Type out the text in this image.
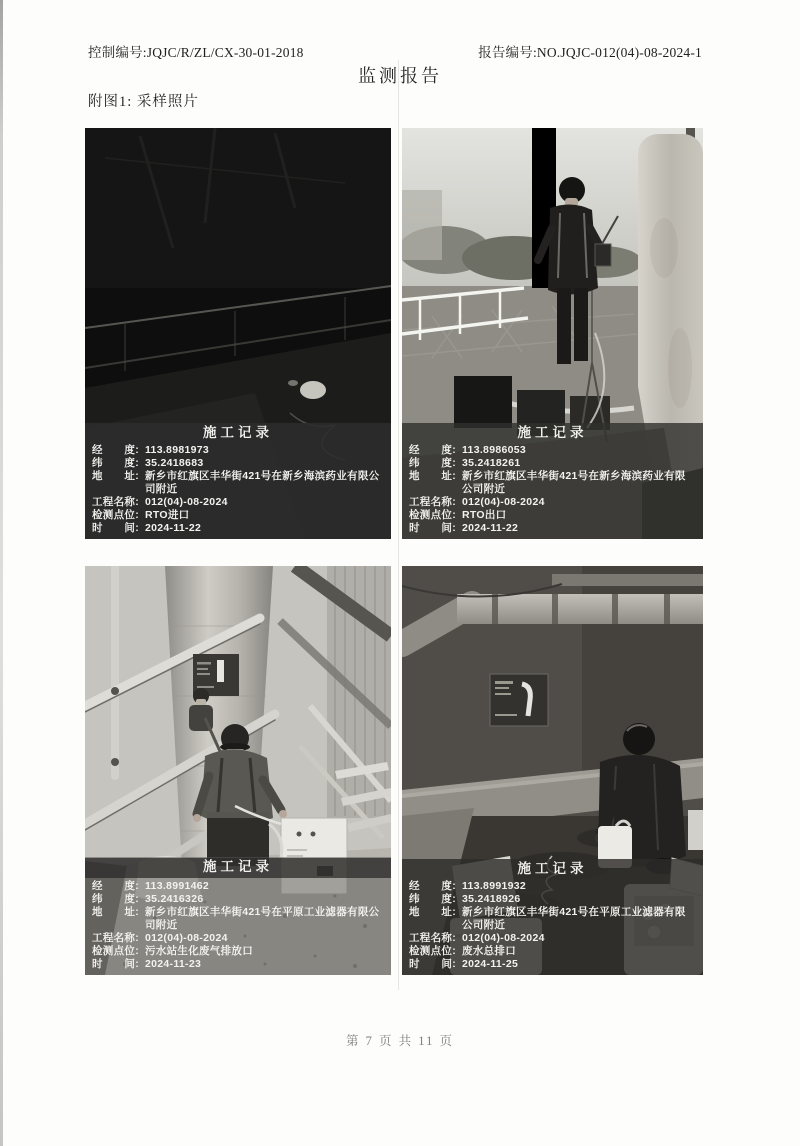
控制编号:JQJC/R/ZL/CX-30-01-2018	报告编号:NO.JQJC-012(04)-08-2024-1
监测报告
附图1: 采样照片
施工记录
经　　度: 113.8981973
纬　　度: 35.2418683
地　　址: 新乡市红旗区丰华街421号在新乡海滨药业有限公司附近
工程名称: 012(04)-08-2024
检测点位: RTO进口
时　　间: 2024-11-22
施工记录
经　　度: 113.8986053
纬　　度: 35.2418261
地　　址: 新乡市红旗区丰华街421号在新乡海滨药业有限公司附近
工程名称: 012(04)-08-2024
检测点位: RTO出口
时　　间: 2024-11-22
施工记录
经　　度: 113.8991462
纬　　度: 35.2416326
地　　址: 新乡市红旗区丰华街421号在平原工业滤器有限公司附近
工程名称: 012(04)-08-2024
检测点位: 污水站生化废气排放口
时　　间: 2024-11-23
施工记录
经　　度: 113.8991932
纬　　度: 35.2418926
地　　址: 新乡市红旗区丰华街421号在平原工业滤器有限公司附近
工程名称: 012(04)-08-2024
检测点位: 废水总排口
时　　间: 2024-11-25
第 7 页 共 11 页
